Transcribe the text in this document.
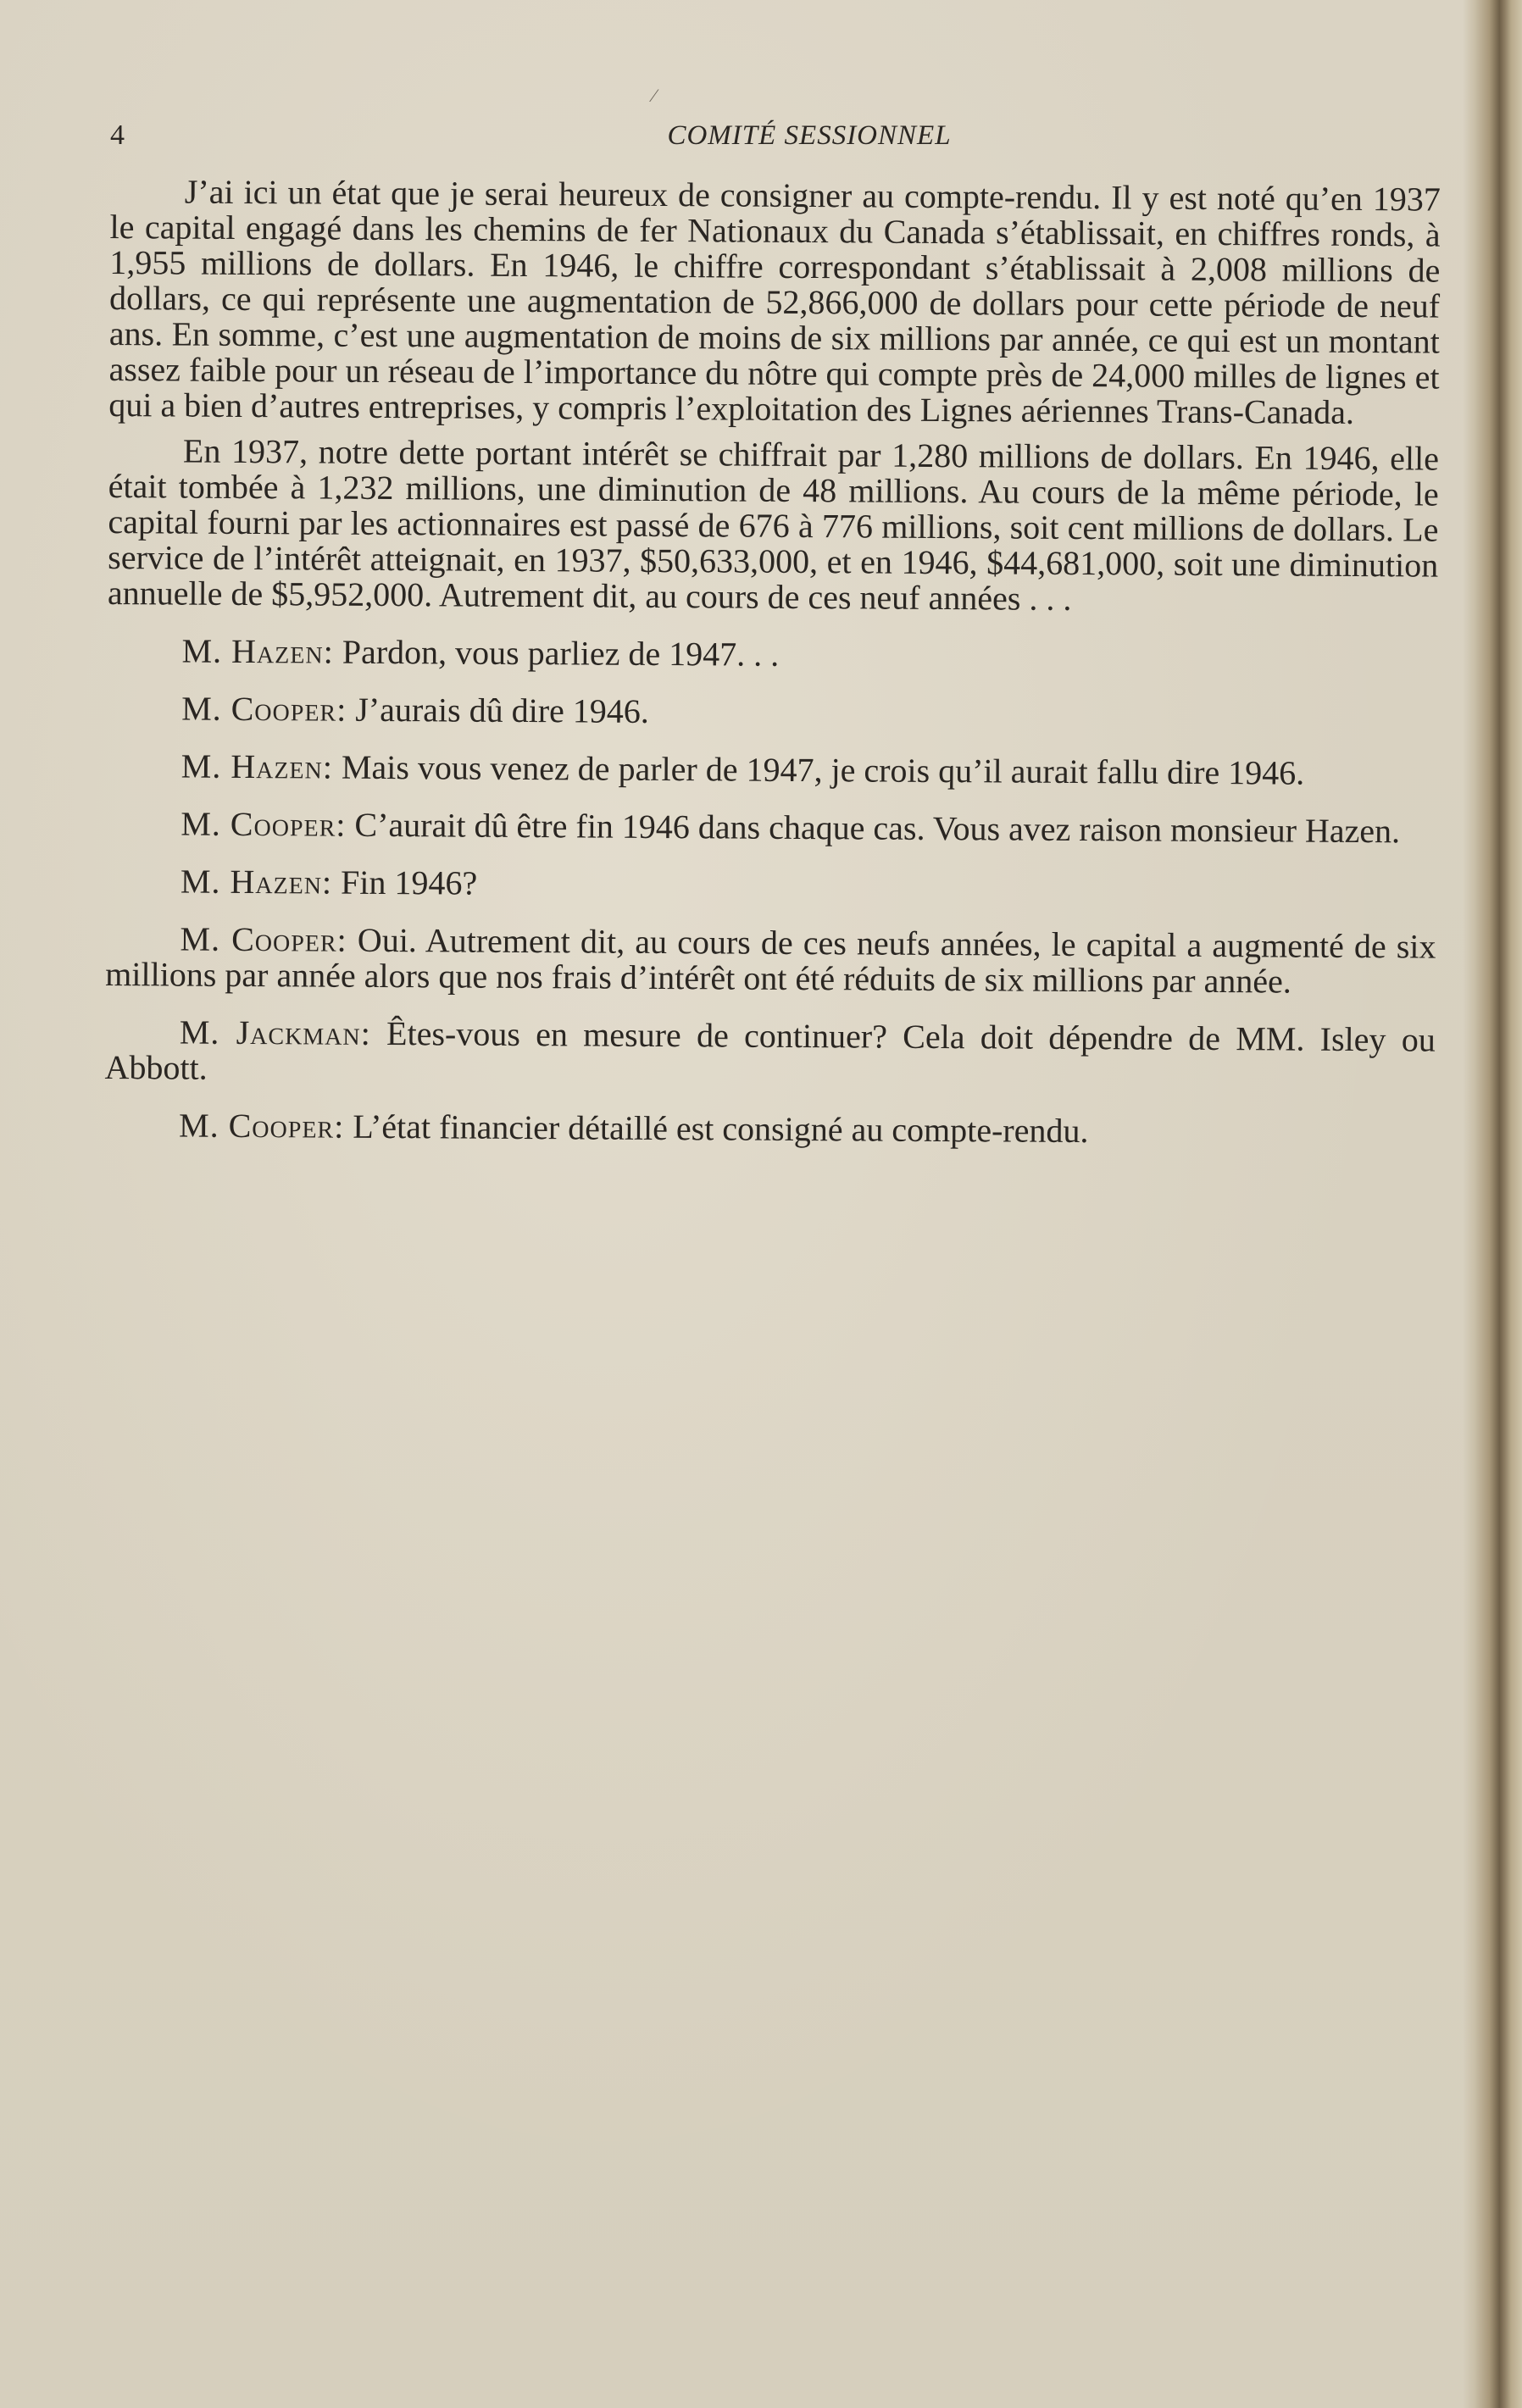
4	COMITÉ SESSIONNEL
⁄

J’ai ici un état que je serai heureux de consigner au compte-rendu. Il y est noté qu’en 1937 le capital engagé dans les chemins de fer Nationaux du Canada s’établissait, en chiffres ronds, à 1,955 millions de dollars. En 1946, le chiffre correspondant s’établissait à 2,008 millions de dollars, ce qui représente une augmentation de 52,866,000 de dollars pour cette période de neuf ans. En somme, c’est une augmentation de moins de six millions par année, ce qui est un montant assez faible pour un réseau de l’importance du nôtre qui compte près de 24,000 milles de lignes et qui a bien d’autres entreprises, y compris l’exploitation des Lignes aériennes Trans-Canada.

En 1937, notre dette portant intérêt se chiffrait par 1,280 millions de dollars. En 1946, elle était tombée à 1,232 millions, une diminution de 48 millions. Au cours de la même période, le capital fourni par les actionnaires est passé de 676 à 776 millions, soit cent millions de dollars. Le service de l’intérêt atteignait, en 1937, $50,633,000, et en 1946, $44,681,000, soit une diminution annuelle de $5,952,000. Autrement dit, au cours de ces neuf années . . .

M. Hazen: Pardon, vous parliez de 1947. . .

M. Cooper: J’aurais dû dire 1946.

M. Hazen: Mais vous venez de parler de 1947, je crois qu’il aurait fallu dire 1946.

M. Cooper: C’aurait dû être fin 1946 dans chaque cas. Vous avez raison monsieur Hazen.

M. Hazen: Fin 1946?

M. Cooper: Oui. Autrement dit, au cours de ces neufs années, le capital a augmenté de six millions par année alors que nos frais d’intérêt ont été réduits de six millions par année.

M. Jackman: Êtes-vous en mesure de continuer? Cela doit dépendre de MM. Isley ou Abbott.

M. Cooper: L’état financier détaillé est consigné au compte-rendu.
